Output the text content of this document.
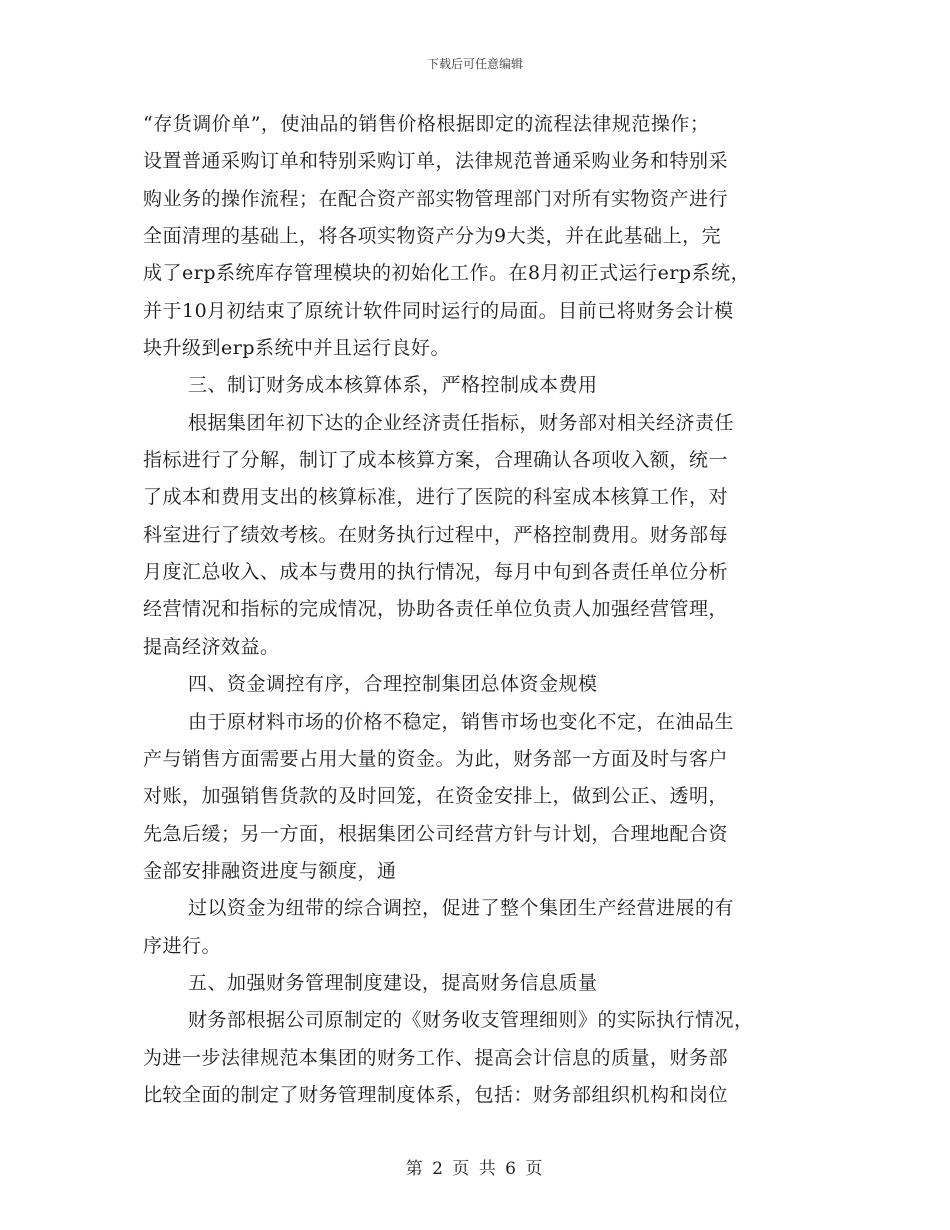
下载后可任意编辑
“存货调价单”，使油品的销售价格根据即定的流程法律规范操作；
设置普通采购订单和特别采购订单，法律规范普通采购业务和特别采
购业务的操作流程；在配合资产部实物管理部门对所有实物资产进行
全面清理的基础上，将各项实物资产分为9大类，并在此基础上，完
成了erp系统库存管理模块的初始化工作。在8月初正式运行erp系统，
并于10月初结束了原统计软件同时运行的局面。目前已将财务会计模
块升级到erp系统中并且运行良好。
三、制订财务成本核算体系，严格控制成本费用
根据集团年初下达的企业经济责任指标，财务部对相关经济责任
指标进行了分解，制订了成本核算方案，合理确认各项收入额，统一
了成本和费用支出的核算标准，进行了医院的科室成本核算工作，对
科室进行了绩效考核。在财务执行过程中，严格控制费用。财务部每
月度汇总收入、成本与费用的执行情况，每月中旬到各责任单位分析
经营情况和指标的完成情况，协助各责任单位负责人加强经营管理，
提高经济效益。
四、资金调控有序，合理控制集团总体资金规模
由于原材料市场的价格不稳定，销售市场也变化不定，在油品生
产与销售方面需要占用大量的资金。为此，财务部一方面及时与客户
对账，加强销售货款的及时回笼，在资金安排上，做到公正、透明，
先急后缓；另一方面，根据集团公司经营方针与计划，合理地配合资
金部安排融资进度与额度，通
过以资金为纽带的综合调控，促进了整个集团生产经营进展的有
序进行。
五、加强财务管理制度建设，提高财务信息质量
财务部根据公司原制定的《财务收支管理细则》的实际执行情况，
为进一步法律规范本集团的财务工作、提高会计信息的质量，财务部
比较全面的制定了财务管理制度体系，包括：财务部组织机构和岗位
第 2 页 共 6 页
